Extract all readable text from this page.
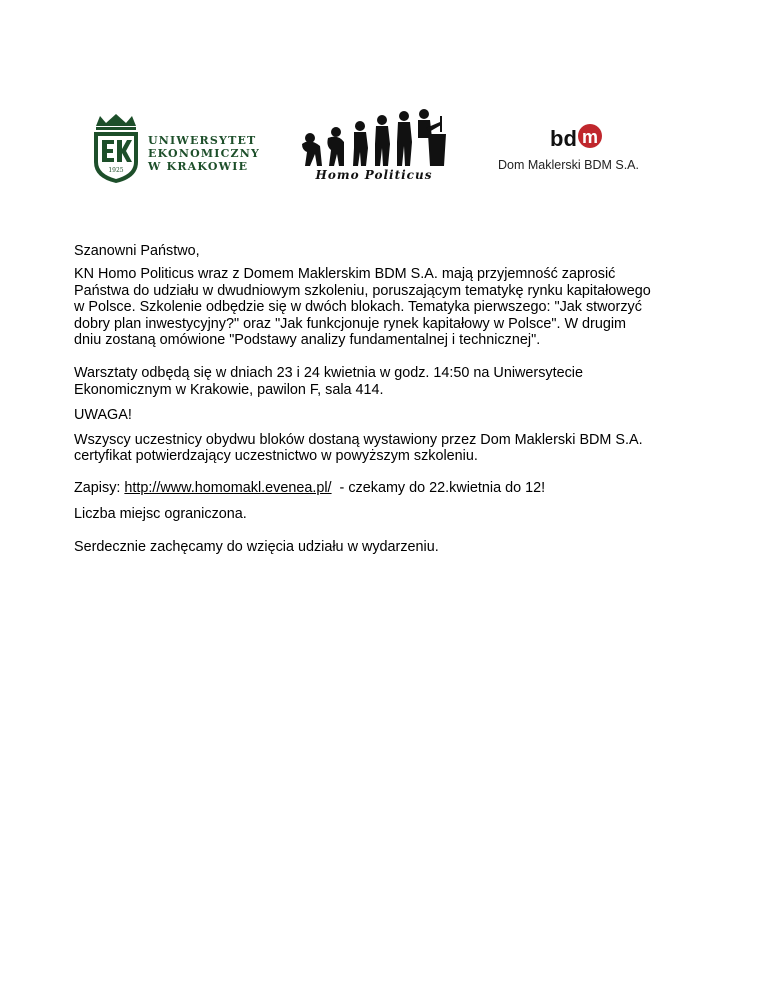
1925
UNIWERSYTET
EKONOMICZNY
W KRAKOWIE
Homo Politicus
bd m
Dom Maklerski BDM S.A.

Szanowni Państwo,

KN Homo Politicus wraz z Domem Maklerskim BDM S.A. mają przyjemność zaprosić

Państwa do udziału w dwudniowym szkoleniu, poruszającym tematykę rynku kapitałowego

w Polsce. Szkolenie odbędzie się w dwóch blokach. Tematyka pierwszego: "Jak stworzyć

dobry plan inwestycyjny?" oraz "Jak funkcjonuje rynek kapitałowy w Polsce". W drugim

dniu zostaną omówione "Podstawy analizy fundamentalnej i technicznej".

Warsztaty odbędą się w dniach 23 i 24 kwietnia w godz. 14:50 na Uniwersytecie

Ekonomicznym w Krakowie, pawilon F, sala 414.

UWAGA!

Wszyscy uczestnicy obydwu bloków dostaną wystawiony przez Dom Maklerski BDM S.A.

certyfikat potwierdzający uczestnictwo w powyższym szkoleniu.

Zapisy: http://www.homomakl.evenea.pl/  - czekamy do 22.kwietnia do 12!

Liczba miejsc ograniczona.

Serdecznie zachęcamy do wzięcia udziału w wydarzeniu.
